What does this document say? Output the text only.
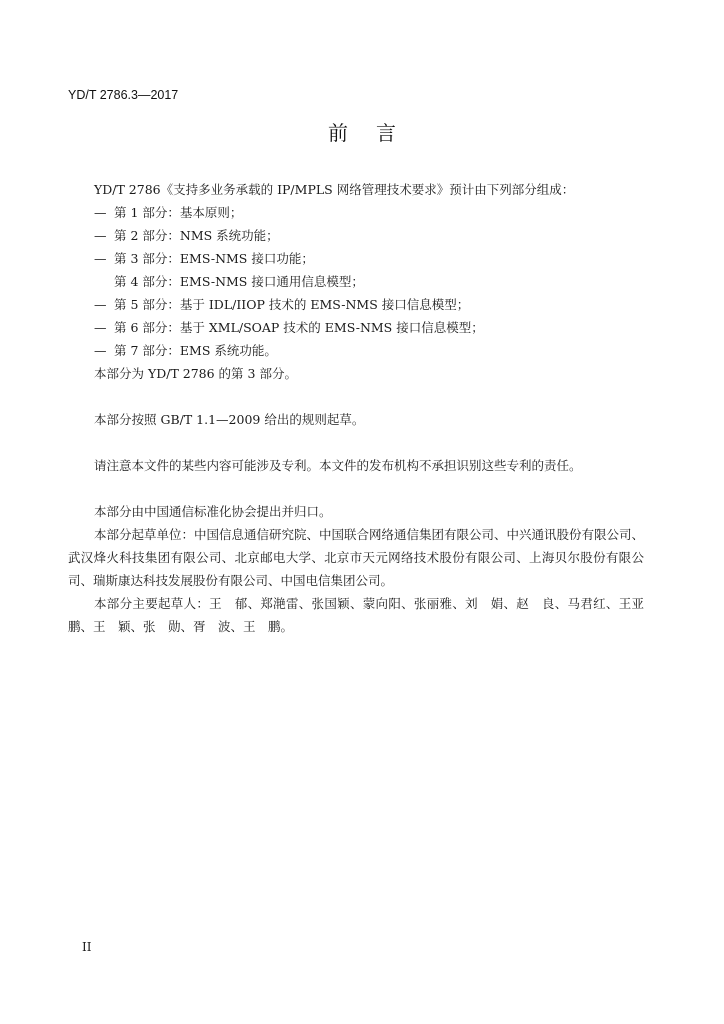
YD/T 2786.3—2017
前言
YD/T 2786《支持多业务承载的 IP/MPLS 网络管理技术要求》预计由下列部分组成：
— 第 1 部分：基本原则；
— 第 2 部分：NMS 系统功能；
— 第 3 部分：EMS-NMS 接口功能；
第 4 部分：EMS-NMS 接口通用信息模型；
— 第 5 部分：基于 IDL/IIOP 技术的 EMS-NMS 接口信息模型；
— 第 6 部分：基于 XML/SOAP 技术的 EMS-NMS 接口信息模型；
— 第 7 部分：EMS 系统功能。
本部分为 YD/T 2786 的第 3 部分。
本部分按照 GB/T 1.1—2009 给出的规则起草。
请注意本文件的某些内容可能涉及专利。本文件的发布机构不承担识别这些专利的责任。
本部分由中国通信标准化协会提出并归口。
本部分起草单位：中国信息通信研究院、中国联合网络通信集团有限公司、中兴通讯股份有限公司、武汉烽火科技集团有限公司、北京邮电大学、北京市天元网络技术股份有限公司、上海贝尔股份有限公司、瑞斯康达科技发展股份有限公司、中国电信集团公司。
本部分主要起草人：王　郁、郑滟雷、张国颖、蒙向阳、张丽雅、刘　娟、赵　良、马君红、王亚鹏、王　颖、张　勋、胥　波、王　鹏。
II
